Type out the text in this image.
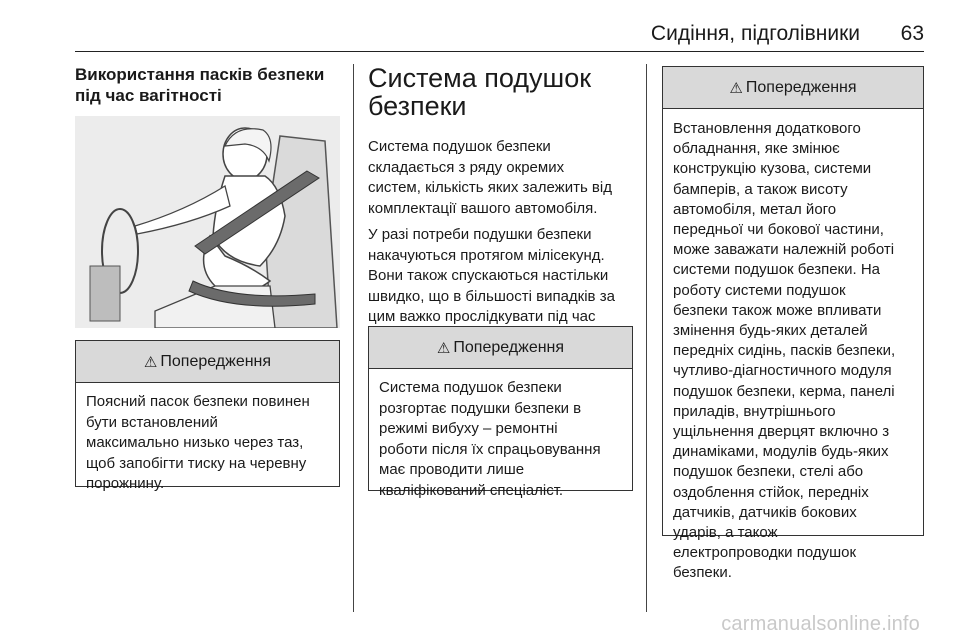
Сидіння, підголівники 63
Використання пасків безпеки
під час вагітності
⚠ Попередження
Поясний пасок безпеки повинен
бути встановлений
максимально низько через таз,
щоб запобігти тиску на черевну
порожнину.
Система подушок
безпеки
Система подушок безпеки
складається з ряду окремих
систем, кількість яких залежить від
комплектації вашого автомобіля.
У разі потреби подушки безпеки
накачуються протягом мілісекунд.
Вони також спускаються настільки
швидко, що в більшості випадків за
цим важко прослідкувати під час
⚠ Попередження
Система подушок безпеки
розгортає подушки безпеки в
режимі вибуху – ремонтні
роботи після їх спрацьовування
має проводити лише
кваліфікований спеціаліст.
⚠ Попередження
Встановлення додаткового
обладнання, яке змінює
конструкцію кузова, системи
бамперів, а також висоту
автомобіля, метал його
передньої чи бокової частини,
може заважати належній роботі
системи подушок безпеки. На
роботу системи подушок
безпеки також може впливати
змінення будь-яких деталей
передніх сидінь, пасків безпеки,
чутливо-діагностичного модуля
подушок безпеки, керма, панелі
приладів, внутрішнього
ущільнення дверцят включно з
динаміками, модулів будь-яких
подушок безпеки, стелі або
оздоблення стійок, передніх
датчиків, датчиків бокових
ударів, а також
електропроводки подушок
безпеки.
carmanualsonline.info
